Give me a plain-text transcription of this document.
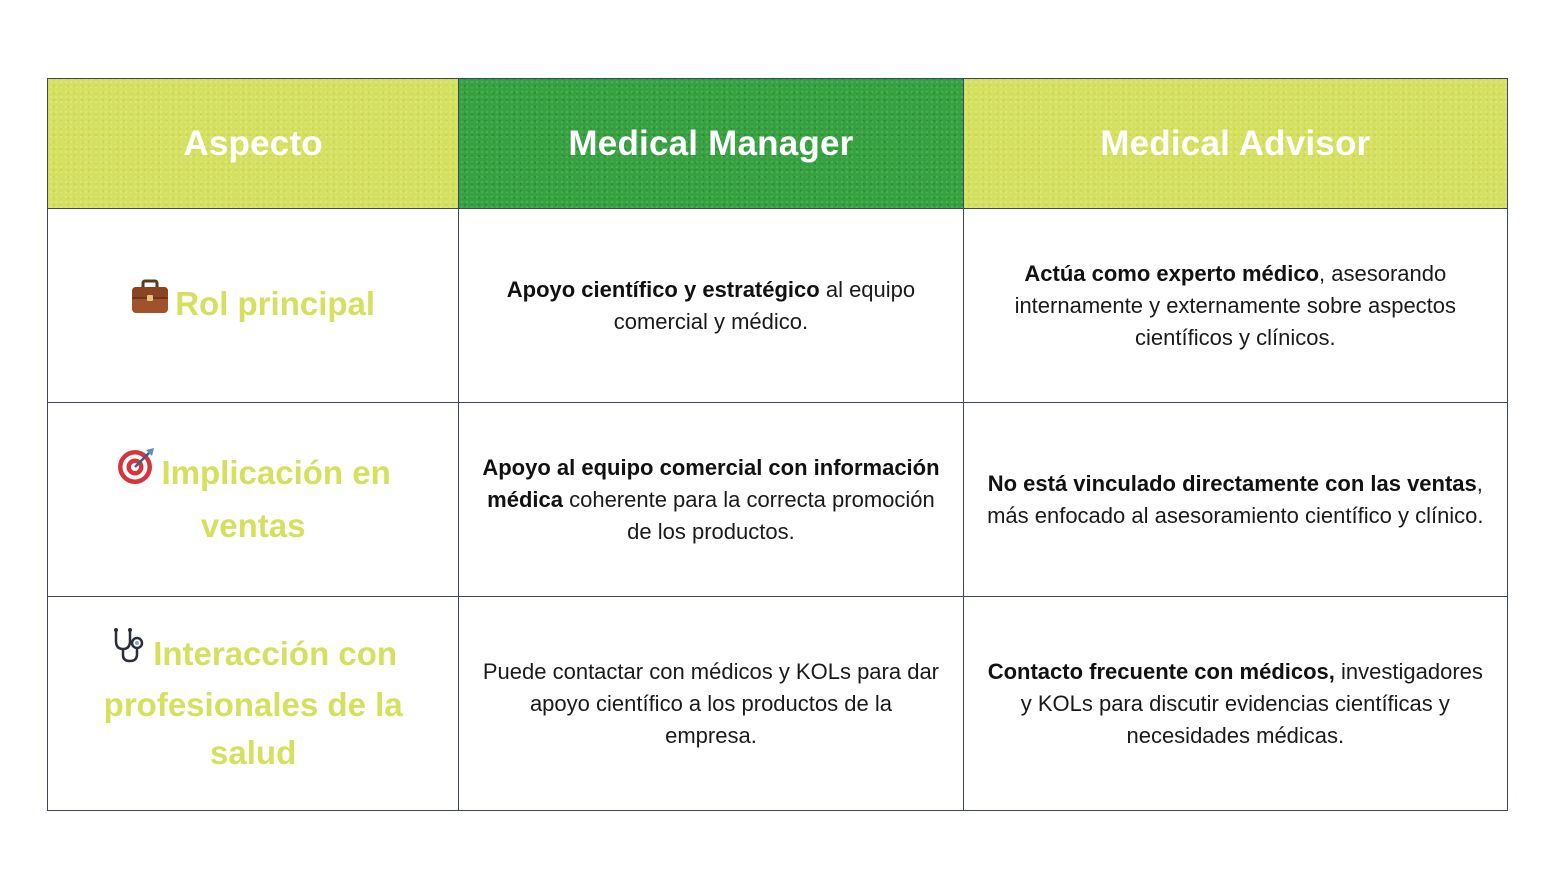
Aspecto	Medical Manager	Medical Advisor
Rol principal	Apoyo científico y estratégico al equipo comercial y médico.	Actúa como experto médico, asesorando internamente y externamente sobre aspectos científicos y clínicos.
Implicación en ventas	Apoyo al equipo comercial con información médica coherente para la correcta promoción de los productos.	No está vinculado directamente con las ventas, más enfocado al asesoramiento científico y clínico.
Interacción con profesionales de la salud	Puede contactar con médicos y KOLs para dar apoyo científico a los productos de la empresa.	Contacto frecuente con médicos, investigadores y KOLs para discutir evidencias científicas y necesidades médicas.
